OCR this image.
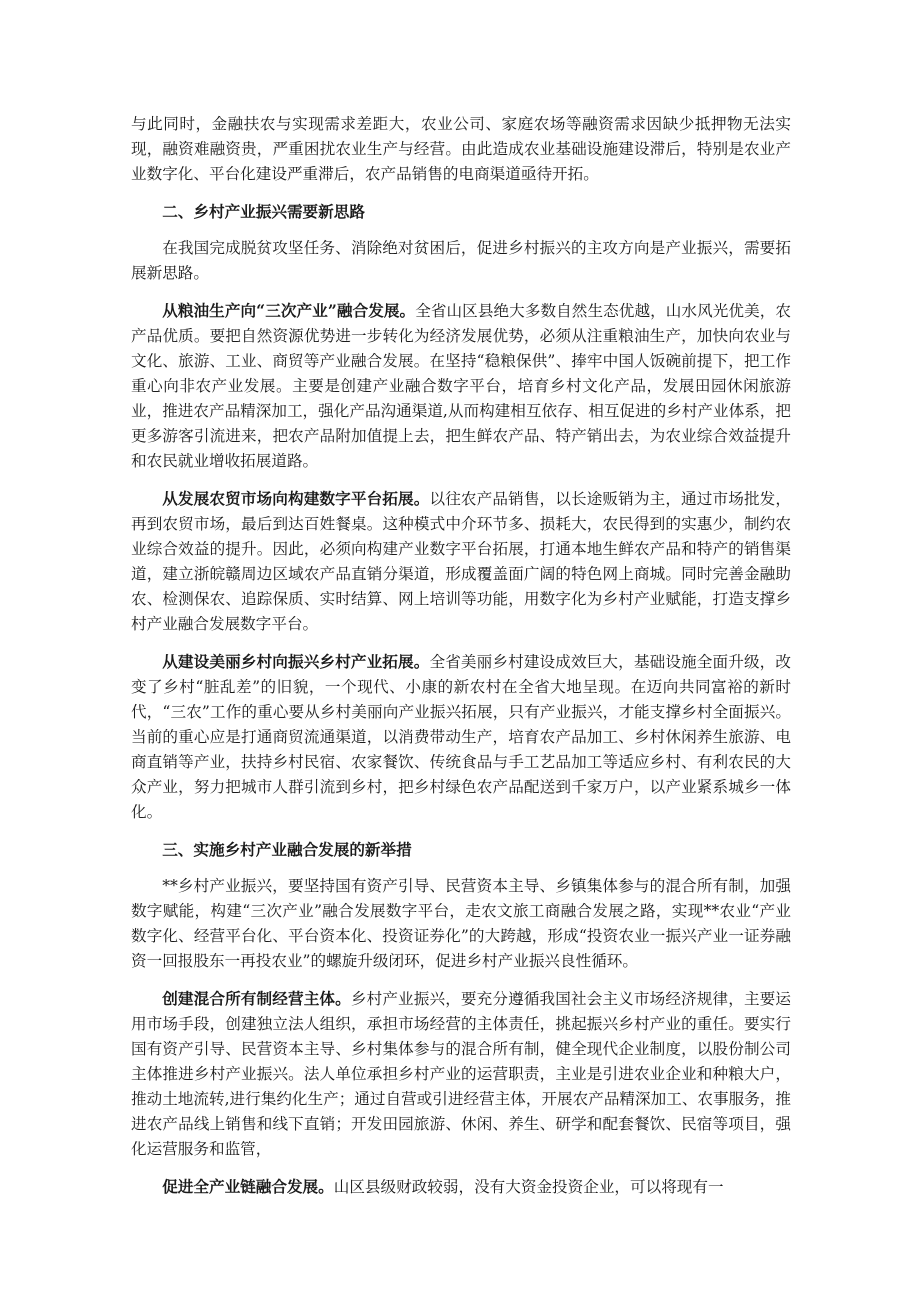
与此同时，金融扶农与实现需求差距大，农业公司、家庭农场等融资需求因缺少抵押物无法实现，融资难融资贵，严重困扰农业生产与经营。由此造成农业基础设施建设滞后，特别是农业产业数字化、平台化建设严重滞后，农产品销售的电商渠道亟待开拓。

二、乡村产业振兴需要新思路

在我国完成脱贫攻坚任务、消除绝对贫困后，促进乡村振兴的主攻方向是产业振兴，需要拓展新思路。

从粮油生产向“三次产业”融合发展。全省山区县绝大多数自然生态优越，山水风光优美，农产品优质。要把自然资源优势进一步转化为经济发展优势，必须从注重粮油生产，加快向农业与文化、旅游、工业、商贸等产业融合发展。在坚持“稳粮保供”、捧牢中国人饭碗前提下，把工作重心向非农产业发展。主要是创建产业融合数字平台，培育乡村文化产品，发展田园休闲旅游业，推进农产品精深加工，强化产品沟通渠道,从而构建相互依存、相互促进的乡村产业体系，把更多游客引流进来，把农产品附加值提上去，把生鲜农产品、特产销出去，为农业综合效益提升和农民就业增收拓展道路。

从发展农贸市场向构建数字平台拓展。以往农产品销售，以长途贩销为主，通过市场批发，再到农贸市场，最后到达百姓餐桌。这种模式中介环节多、损耗大，农民得到的实惠少，制约农业综合效益的提升。因此，必须向构建产业数字平台拓展，打通本地生鲜农产品和特产的销售渠道，建立浙皖赣周边区域农产品直销分渠道，形成覆盖面广阔的特色网上商城。同时完善金融助农、检测保农、追踪保质、实时结算、网上培训等功能，用数字化为乡村产业赋能，打造支撑乡村产业融合发展数字平台。

从建设美丽乡村向振兴乡村产业拓展。全省美丽乡村建设成效巨大，基础设施全面升级，改变了乡村“脏乱差”的旧貌，一个现代、小康的新农村在全省大地呈现。在迈向共同富裕的新时代，“三农”工作的重心要从乡村美丽向产业振兴拓展，只有产业振兴，才能支撑乡村全面振兴。当前的重心应是打通商贸流通渠道，以消费带动生产，培育农产品加工、乡村休闲养生旅游、电商直销等产业，扶持乡村民宿、农家餐饮、传统食品与手工艺品加工等适应乡村、有利农民的大众产业，努力把城市人群引流到乡村，把乡村绿色农产品配送到千家万户，以产业紧系城乡一体化。

三、实施乡村产业融合发展的新举措

**乡村产业振兴，要坚持国有资产引导、民营资本主导、乡镇集体参与的混合所有制，加强数字赋能，构建“三次产业”融合发展数字平台，走农文旅工商融合发展之路，实现**农业“产业数字化、经营平台化、平台资本化、投资证券化”的大跨越，形成“投资农业一振兴产业一证券融资一回报股东一再投农业”的螺旋升级闭环，促进乡村产业振兴良性循环。

创建混合所有制经营主体。乡村产业振兴，要充分遵循我国社会主义市场经济规律，主要运用市场手段，创建独立法人组织，承担市场经营的主体责任，挑起振兴乡村产业的重任。要实行国有资产引导、民营资本主导、乡村集体参与的混合所有制，健全现代企业制度，以股份制公司主体推进乡村产业振兴。法人单位承担乡村产业的运营职责，主业是引进农业企业和种粮大户，推动土地流转,进行集约化生产；通过自营或引进经营主体，开展农产品精深加工、农事服务，推进农产品线上销售和线下直销；开发田园旅游、休闲、养生、研学和配套餐饮、民宿等项目，强化运营服务和监管，

促进全产业链融合发展。山区县级财政较弱，没有大资金投资企业，可以将现有一
